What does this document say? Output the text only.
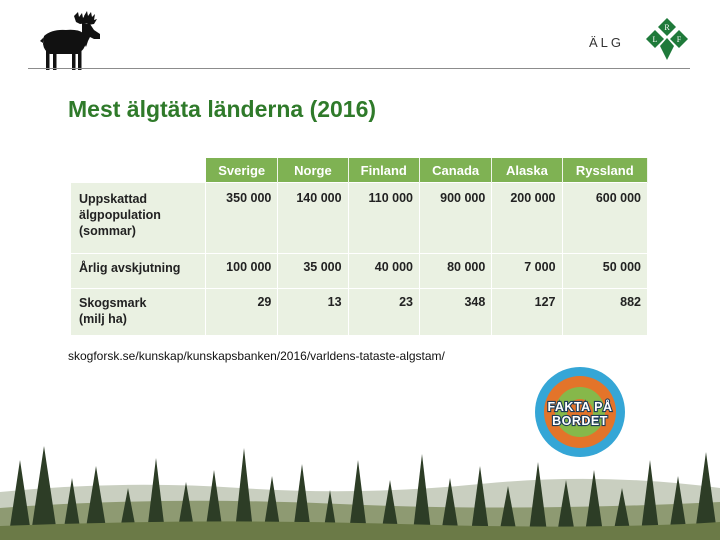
ÄLG
R
L F
Mest älgtäta länderna (2016)
	Sverige	Norge	Finland	Canada	Alaska	Ryssland
Uppskattad
älgpopulation
(sommar)	350 000	140 000	110 000	900 000	200 000	600 000
Årlig avskjutning	100 000	35 000	40 000	80 000	7 000	50 000
Skogsmark
(milj ha)	29	13	23	348	127	882
skogforsk.se/kunskap/kunskapsbanken/2016/varldens-tataste-algstam/
FAKTA PÅ
BORDET
